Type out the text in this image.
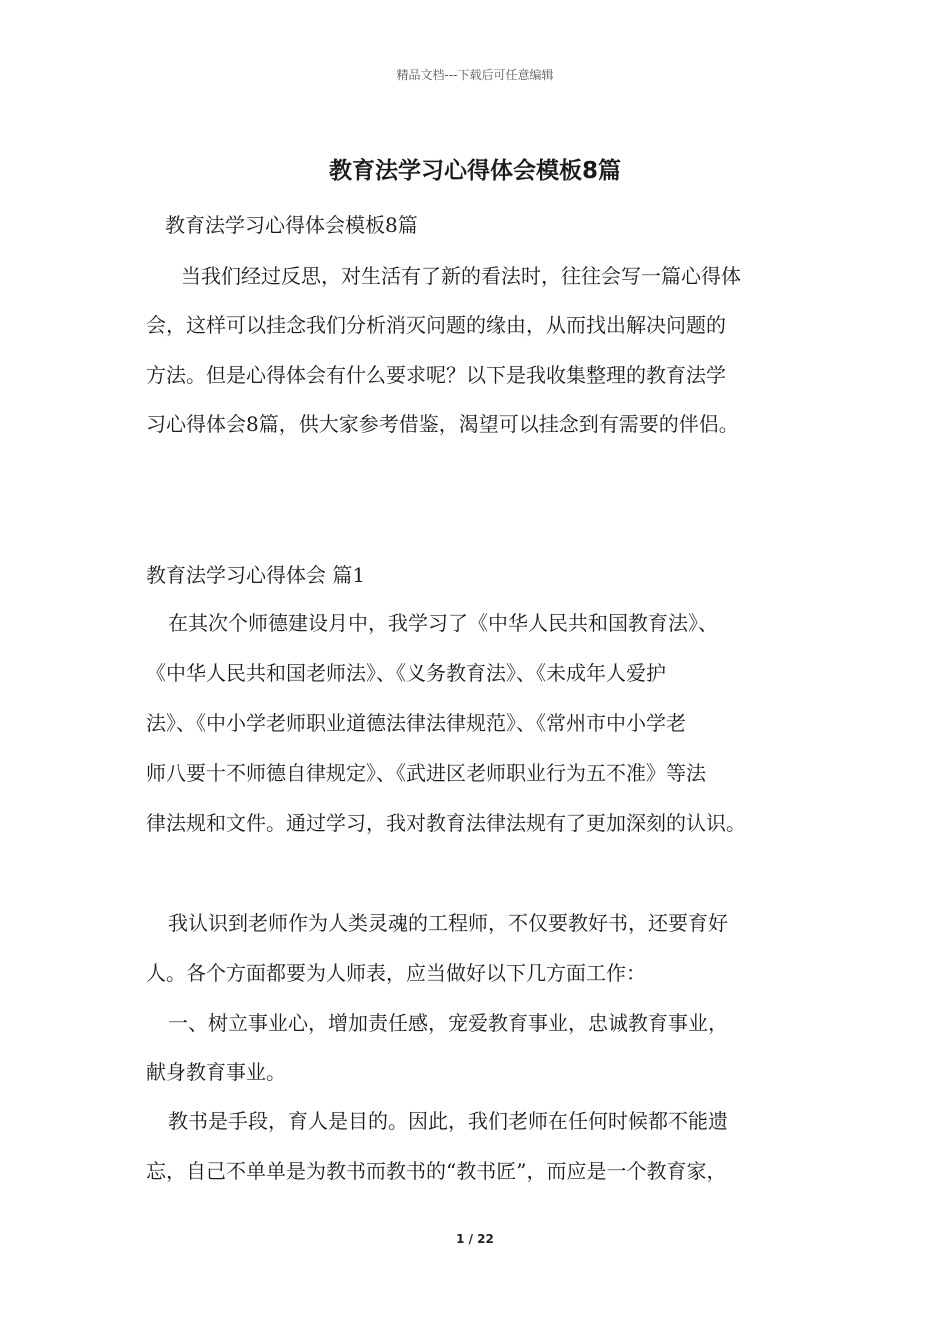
精品文档---下载后可任意编辑
教育法学习心得体会模板8篇
教育法学习心得体会模板8篇
当我们经过反思，对生活有了新的看法时，往往会写一篇心得体
会，这样可以挂念我们分析消灭问题的缘由，从而找出解决问题的
方法。但是心得体会有什么要求呢？以下是我收集整理的教育法学
习心得体会8篇，供大家参考借鉴，渴望可以挂念到有需要的伴侣。
教育法学习心得体会 篇1
在其次个师德建设月中，我学习了《中华人民共和国教育法》、
《中华人民共和国老师法》、《义务教育法》、《未成年人爱护
法》、《中小学老师职业道德法律法律规范》、《常州市中小学老
师八要十不师德自律规定》、《武进区老师职业行为五不准》等法
律法规和文件。通过学习，我对教育法律法规有了更加深刻的认识。
我认识到老师作为人类灵魂的工程师，不仅要教好书，还要育好
人。各个方面都要为人师表，应当做好以下几方面工作：
一、树立事业心，增加责任感，宠爱教育事业，忠诚教育事业，
献身教育事业。
教书是手段，育人是目的。因此，我们老师在任何时候都不能遗
忘，自己不单单是为教书而教书的“教书匠”，而应是一个教育家，
1 / 22
